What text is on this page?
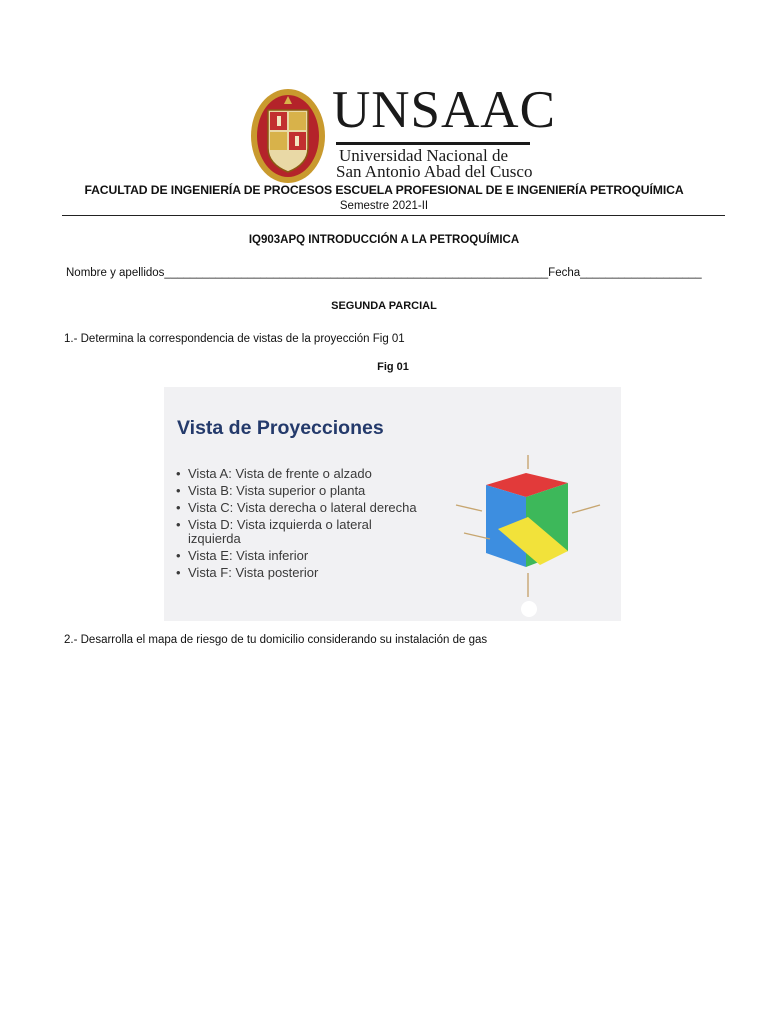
UNSAAC
Universidad Nacional de
San Antonio Abad del Cusco
FACULTAD DE INGENIERÍA DE PROCESOS ESCUELA PROFESIONAL DE E INGENIERÍA PETROQUÍMICA
Semestre 2021-II
IQ903APQ INTRODUCCIÓN A LA PETROQUÍMICA
Nombre y apellidos____________________________________________________________Fecha___________________
SEGUNDA PARCIAL
1.- Determina la correspondencia de vistas de la proyección Fig 01
Fig 01
Vista de Proyecciones
• Vista A: Vista de frente o alzado
• Vista B: Vista superior o planta
• Vista C: Vista derecha o lateral derecha
• Vista D: Vista izquierda o lateral izquierda
• Vista E: Vista inferior
• Vista F: Vista posterior
2.- Desarrolla el mapa de riesgo de tu domicilio considerando su instalación de gas
